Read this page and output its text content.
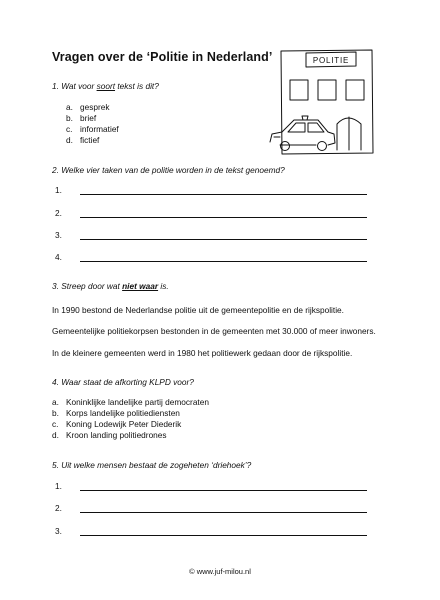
Vragen over de ‘Politie in Nederland’	POLITIE
1. Wat voor soort tekst is dit?
a. gesprek
b. brief
c. informatief
d. fictief
2. Welke vier taken van de politie worden in de tekst genoemd?
1.
2.
3.
4.
3. Streep door wat niet waar is.
In 1990 bestond de Nederlandse politie uit de gemeentepolitie en de rijkspolitie.
Gemeentelijke politiekorpsen bestonden in de gemeenten met 30.000 of meer inwoners.
In de kleinere gemeenten werd in 1980 het politiewerk gedaan door de rijkspolitie.
4. Waar staat de afkorting KLPD voor?
a. Koninklijke landelijke partij democraten
b. Korps landelijke politiediensten
c. Koning Lodewijk Peter Diederik
d. Kroon landing politiedrones
5. Uit welke mensen bestaat de zogeheten ‘driehoek’?
1.
2.
3.
© www.juf-milou.nl
